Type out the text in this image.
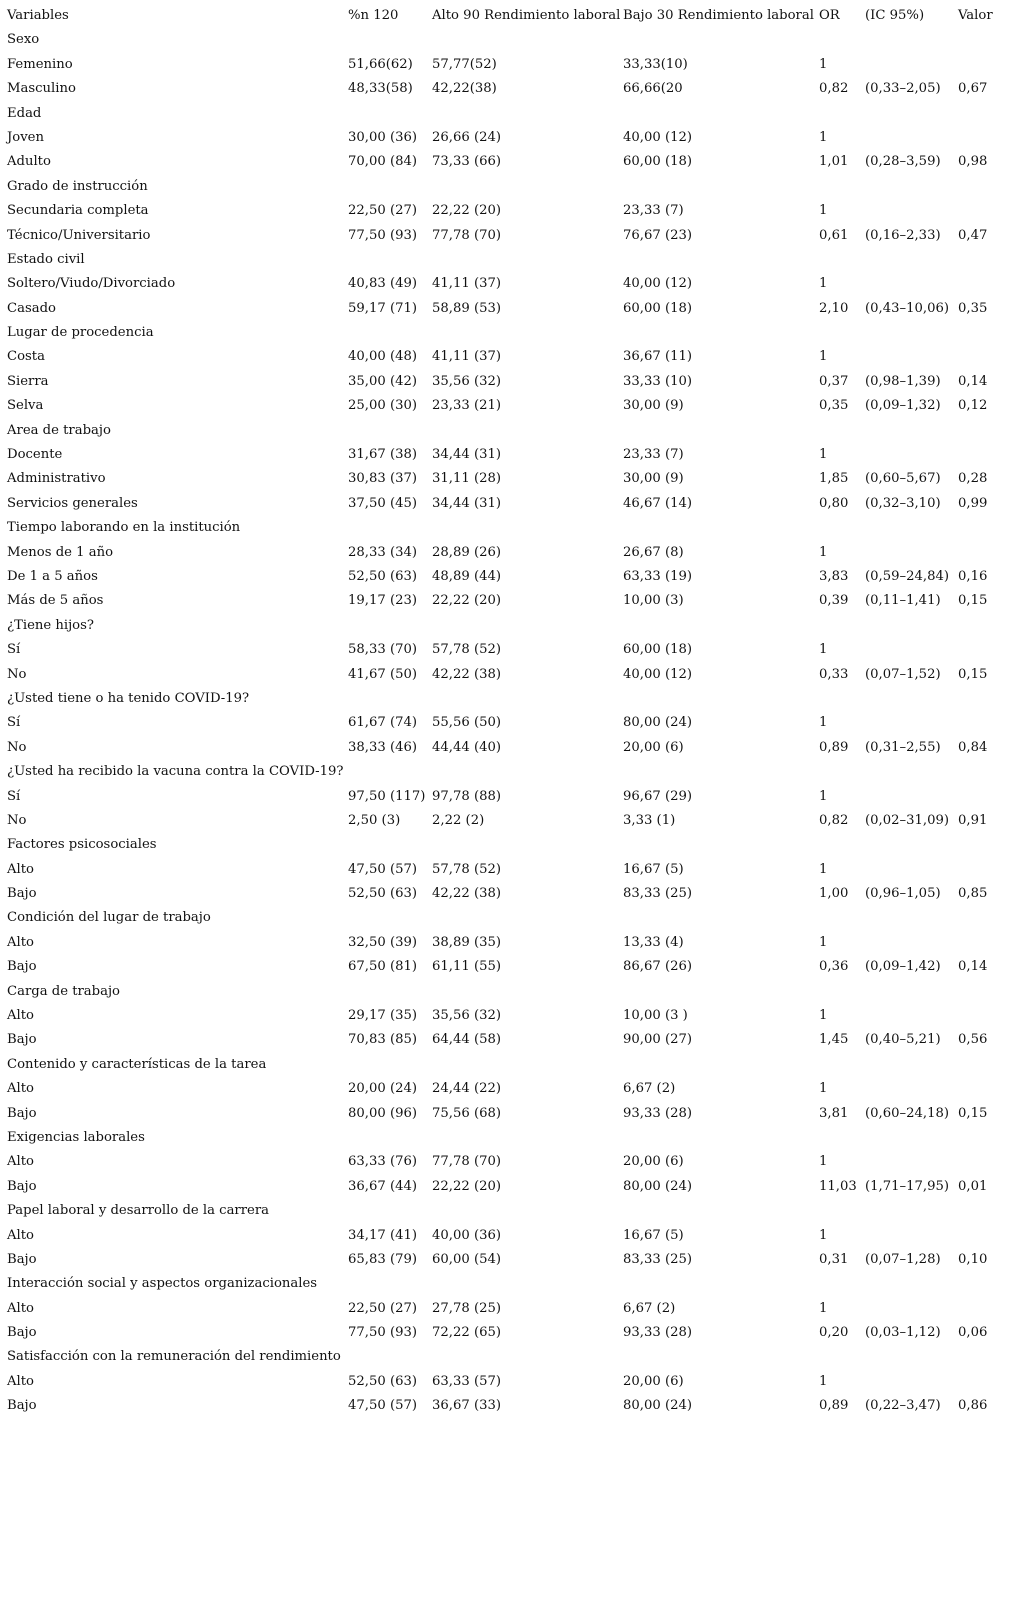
Variables	%n 120	Alto 90 Rendimiento laboral Bajo 30 Rendimiento laboral OR (IC 95%)	Valor
Sexo
Femenino	51,66(62) 57,77(52)	33,33(10)	1
Masculino	48,33(58) 42,22(38)	66,66(20	0,82 (0,33–2,05) 0,67
Edad
Joven	30,00 (36) 26,66 (24)	40,00 (12)	1
Adulto	70,00 (84) 73,33 (66)	60,00 (18)	1,01 (0,28–3,59) 0,98
Grado de instrucción
Secundaria completa	22,50 (27) 22,22 (20)	23,33 (7)	1
Técnico/Universitario	77,50 (93) 77,78 (70)	76,67 (23)	0,61 (0,16–2,33) 0,47
Estado civil
Soltero/Viudo/Divorciado	40,83 (49) 41,11 (37)	40,00 (12)	1
Casado	59,17 (71) 58,89 (53)	60,00 (18)	2,10 (0,43–10,06) 0,35
Lugar de procedencia
Costa	40,00 (48) 41,11 (37)	36,67 (11)	1
Sierra	35,00 (42) 35,56 (32)	33,33 (10)	0,37 (0,98–1,39) 0,14
Selva	25,00 (30) 23,33 (21)	30,00 (9)	0,35 (0,09–1,32) 0,12
Area de trabajo
Docente	31,67 (38) 34,44 (31)	23,33 (7)	1
Administrativo	30,83 (37) 31,11 (28)	30,00 (9)	1,85 (0,60–5,67) 0,28
Servicios generales	37,50 (45) 34,44 (31)	46,67 (14)	0,80 (0,32–3,10) 0,99
Tiempo laborando en la institución
Menos de 1 año	28,33 (34) 28,89 (26)	26,67 (8)	1
De 1 a 5 años	52,50 (63) 48,89 (44)	63,33 (19)	3,83 (0,59–24,84) 0,16
Más de 5 años	19,17 (23) 22,22 (20)	10,00 (3)	0,39 (0,11–1,41) 0,15
¿Tiene hijos?
Sí	58,33 (70) 57,78 (52)	60,00 (18)	1
No	41,67 (50) 42,22 (38)	40,00 (12)	0,33 (0,07–1,52) 0,15
¿Usted tiene o ha tenido COVID-19?
Sí	61,67 (74) 55,56 (50)	80,00 (24)	1
No	38,33 (46) 44,44 (40)	20,00 (6)	0,89 (0,31–2,55) 0,84
¿Usted ha recibido la vacuna contra la COVID-19?
Sí	97,50 (117) 97,78 (88)	96,67 (29)	1
No	2,50 (3) 2,22 (2)	3,33 (1)	0,82 (0,02–31,09) 0,91
Factores psicosociales
Alto	47,50 (57) 57,78 (52)	16,67 (5)	1
Bajo	52,50 (63) 42,22 (38)	83,33 (25)	1,00 (0,96–1,05) 0,85
Condición del lugar de trabajo
Alto	32,50 (39) 38,89 (35)	13,33 (4)	1
Bajo	67,50 (81) 61,11 (55)	86,67 (26)	0,36 (0,09–1,42) 0,14
Carga de trabajo
Alto	29,17 (35) 35,56 (32)	10,00 (3 )	1
Bajo	70,83 (85) 64,44 (58)	90,00 (27)	1,45 (0,40–5,21) 0,56
Contenido y características de la tarea
Alto	20,00 (24) 24,44 (22)	6,67 (2)	1
Bajo	80,00 (96) 75,56 (68)	93,33 (28)	3,81 (0,60–24,18) 0,15
Exigencias laborales
Alto	63,33 (76) 77,78 (70)	20,00 (6)	1
Bajo	36,67 (44) 22,22 (20)	80,00 (24)	11,03 (1,71–17,95) 0,01
Papel laboral y desarrollo de la carrera
Alto	34,17 (41) 40,00 (36)	16,67 (5)	1
Bajo	65,83 (79) 60,00 (54)	83,33 (25)	0,31 (0,07–1,28) 0,10
Interacción social y aspectos organizacionales
Alto	22,50 (27) 27,78 (25)	6,67 (2)	1
Bajo	77,50 (93) 72,22 (65)	93,33 (28)	0,20 (0,03–1,12) 0,06
Satisfacción con la remuneración del rendimiento
Alto	52,50 (63) 63,33 (57)	20,00 (6)	1
Bajo	47,50 (57) 36,67 (33)	80,00 (24)	0,89 (0,22–3,47) 0,86
